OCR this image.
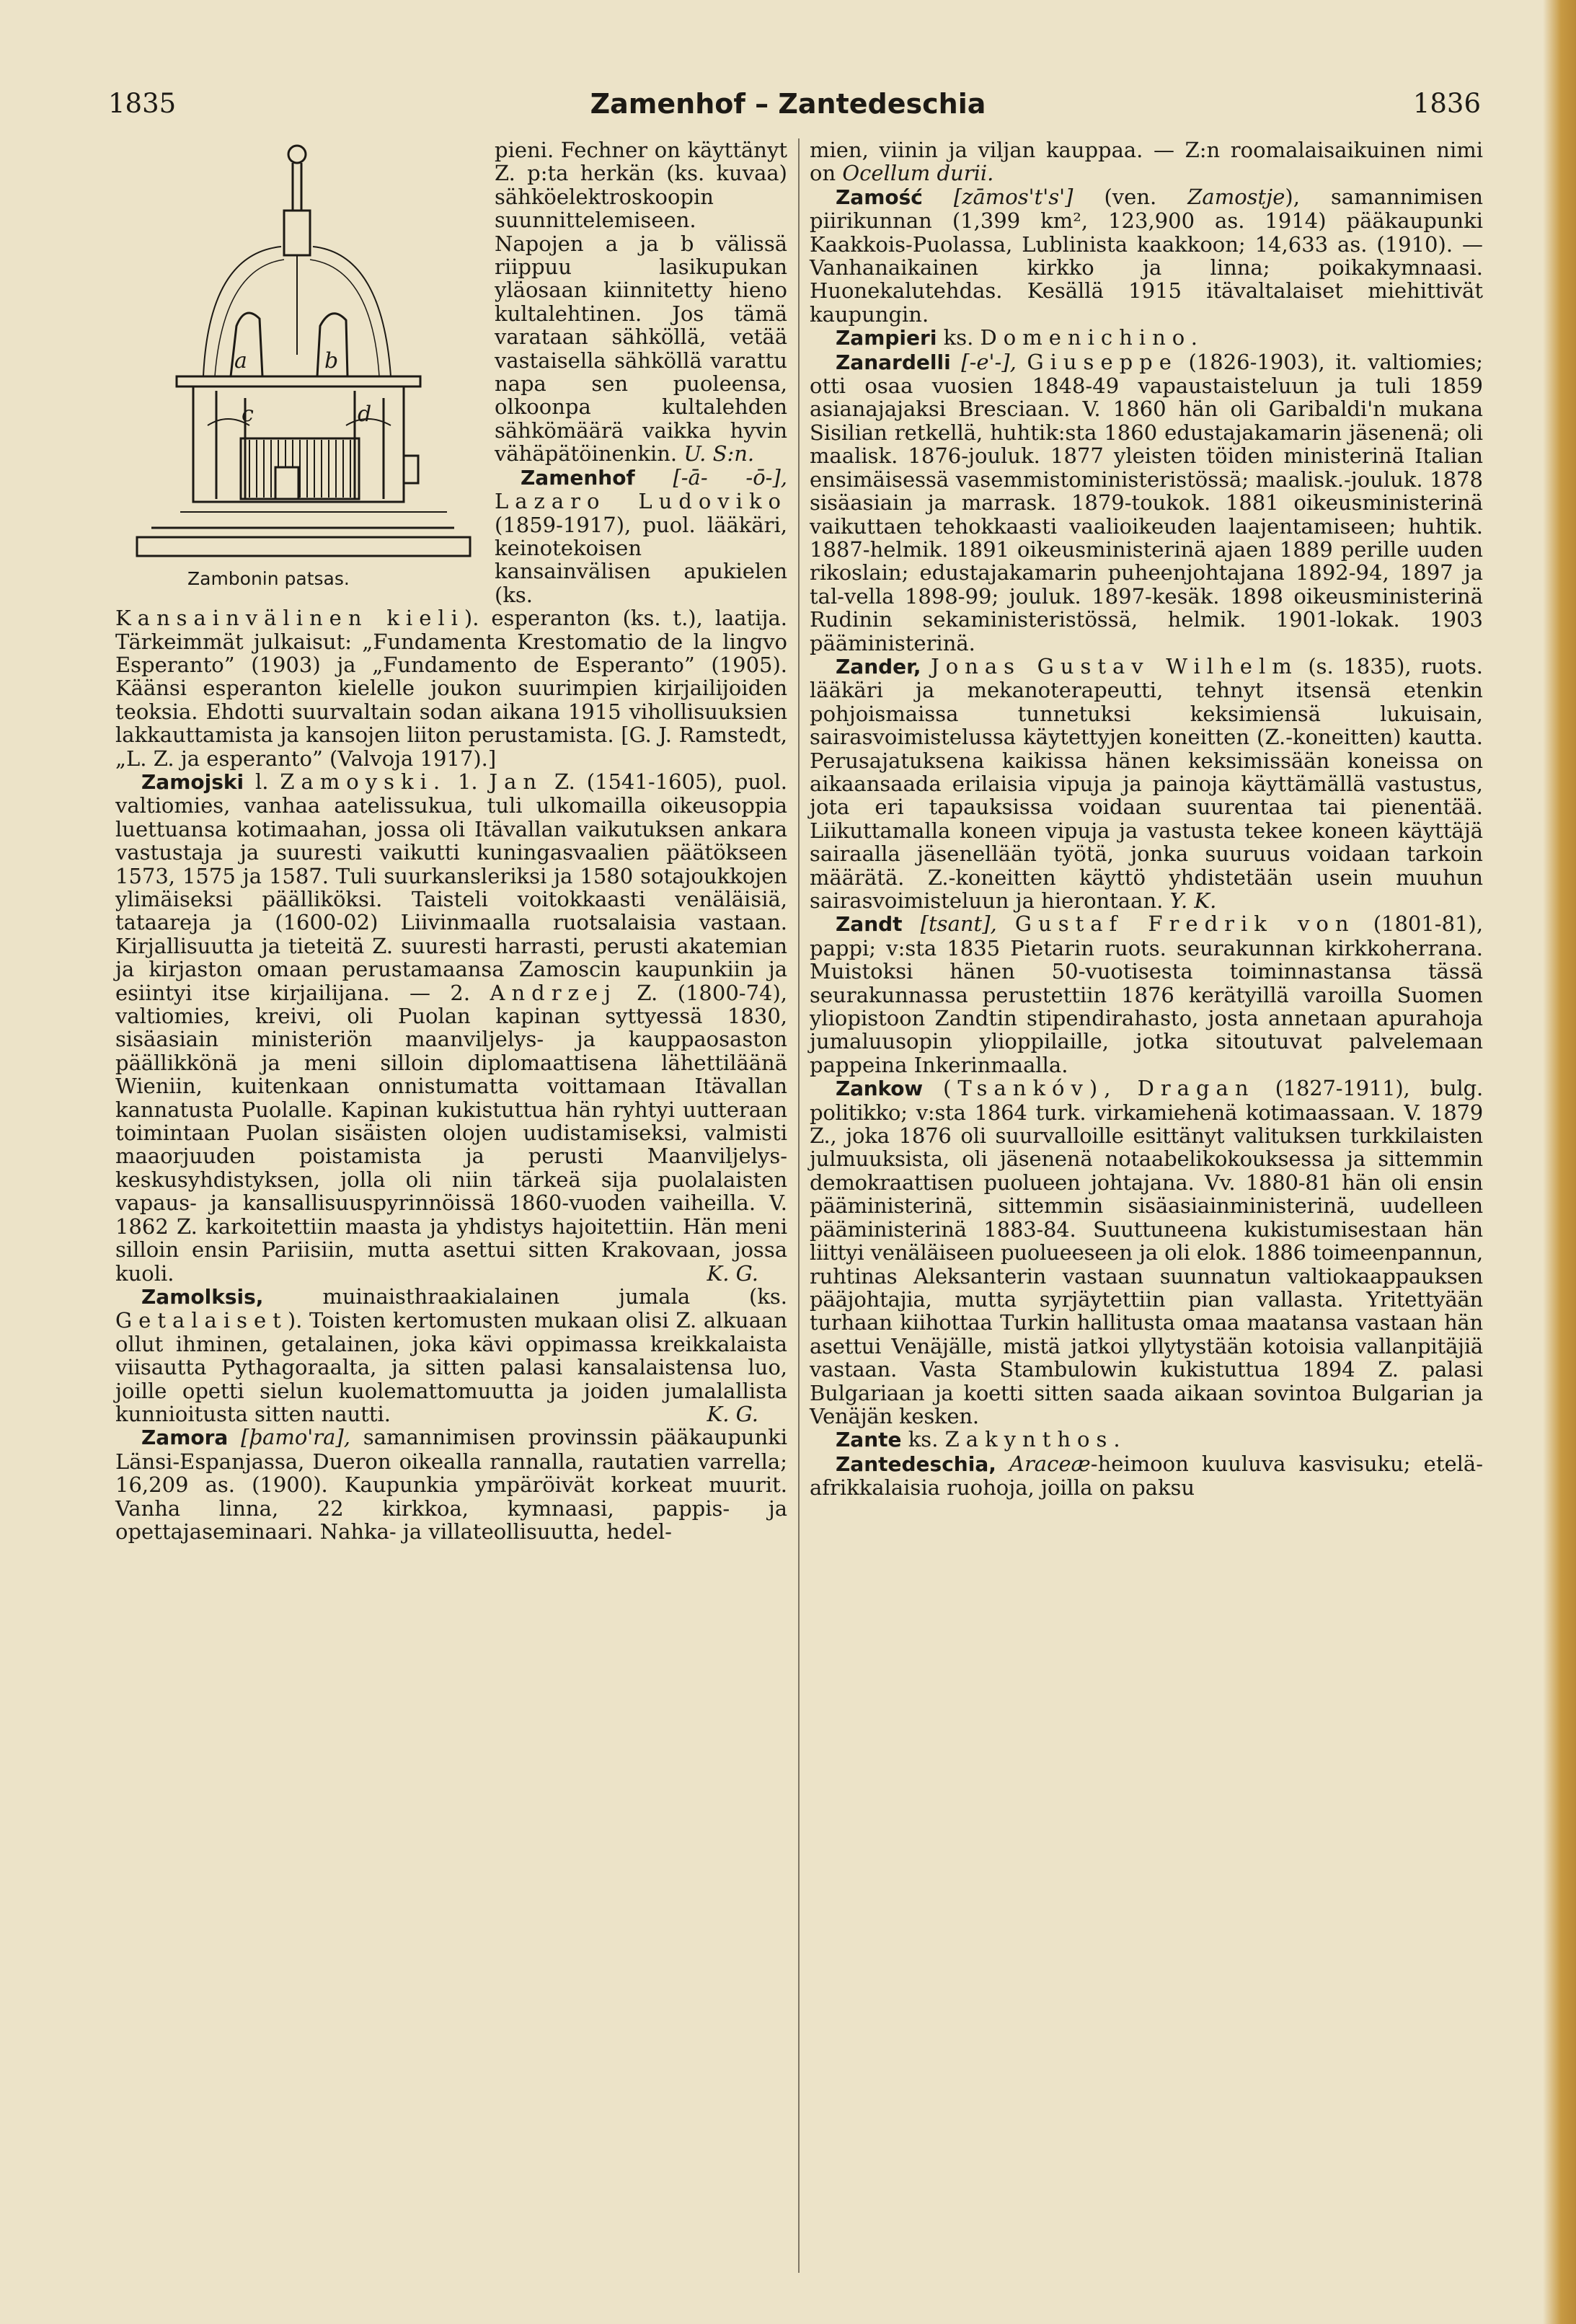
1835	Zamenhof – Zantedeschia	1836
a	b
c	d
Zambonin patsas.

pieni. Fechner on käyttänyt Z. p:ta herkän (ks. kuvaa) sähköelektroskoopin suunnittelemiseen. Napojen a ja b välissä riippuu lasikupukan yläosaan kiinnitetty hieno kultalehtinen. Jos tämä varataan sähköllä, vetää vastaisella sähköllä varattu napa sen puoleensa, olkoonpa kultalehden sähkömäärä vaikka hyvin vähäpätöinenkin. U. S:n.

Zamenhof [-ā- -ō-], Lazaro Ludoviko (1859-1917), puol. lääkäri, keinotekoisen kansainvälisen apukielen (ks. Kansainvälinen kieli). esperanton (ks. t.), laatija. Tärkeimmät julkaisut: „Fundamenta Krestomatio de la lingvo Esperanto” (1903) ja „Fundamento de Esperanto” (1905). Käänsi esperanton kielelle joukon suurimpien kirjailijoiden teoksia. Ehdotti suurvaltain sodan aikana 1915 vihollisuuksien lakkauttamista ja kansojen liiton perustamista. [G. J. Ramstedt, „L. Z. ja esperanto” (Valvoja 1917).]

Zamojski l. Zamoyski. 1. Jan Z. (1541-1605), puol. valtiomies, vanhaa aatelissukua, tuli ulkomailla oikeusoppia luettuansa kotimaahan, jossa oli Itävallan vaikutuksen ankara vastustaja ja suuresti vaikutti kuningasvaalien päätökseen 1573, 1575 ja 1587. Tuli suurkansleriksi ja 1580 sotajoukkojen ylimäiseksi päälliköksi. Taisteli voitokkaasti venäläisiä, tataareja ja (1600-02) Liivinmaalla ruotsalaisia vastaan. Kirjallisuutta ja tieteitä Z. suuresti harrasti, perusti akatemian ja kirjaston omaan perustamaansa Zamoscin kaupunkiin ja esiintyi itse kirjailijana. — 2. Andrzej Z. (1800-74), valtiomies, kreivi, oli Puolan kapinan syttyessä 1830, sisäasiain ministeriön maanviljelys- ja kauppaosaston päällikkönä ja meni silloin diplomaattisena lähettiläänä Wieniin, kuitenkaan onnistumatta voittamaan Itävallan kannatusta Puolalle. Kapinan kukistuttua hän ryhtyi uutteraan toimintaan Puolan sisäisten olojen uudistamiseksi, valmisti maaorjuuden poistamista ja perusti Maanviljelys-keskusyhdistyksen, jolla oli niin tärkeä sija puolalaisten vapaus- ja kansallisuuspyrinnöissä 1860-vuoden vaiheilla. V. 1862 Z. karkoitettiin maasta ja yhdistys hajoitettiin. Hän meni silloin ensin Pariisiin, mutta asettui sitten Krakovaan, jossa kuoli.	K. G.

Zamolksis,	muinaisthraakialainen jumala (ks. Getalaiset). Toisten kertomusten mukaan olisi Z. alkuaan ollut ihminen, getalainen, joka kävi oppimassa kreikkalaista viisautta Pythagoraalta, ja sitten palasi kansalaistensa luo, joille opetti sielun kuolemattomuutta ja joiden jumalallista kunnioitusta sitten nautti.	K. G.

Zamora [þamo'ra], samannimisen provinssin pääkaupunki Länsi-Espanjassa, Dueron oikealla rannalla, rautatien varrella; 16,209 as. (1900). Kaupunkia ympäröivät korkeat muurit. Vanha linna, 22 kirkkoa, kymnaasi, pappis- ja opettajaseminaari. Nahka- ja villateollisuutta, hedel-

mien, viinin ja viljan kauppaa. — Z:n roomalaisaikuinen nimi on Ocellum durii.

Zamość [zāmos't's'] (ven. Zamostje), samannimisen piirikunnan (1,399 km², 123,900 as. 1914) pääkaupunki Kaakkois-Puolassa, Lublinista kaakkoon; 14,633 as. (1910). — Vanhanaikainen kirkko ja linna; poikakymnaasi. Huonekalutehdas. Kesällä 1915 itävaltalaiset miehittivät kaupungin.

Zampieri ks. Domenichino.

Zanardelli [-e'-], Giuseppe (1826-1903), it. valtiomies; otti osaa vuosien 1848-49 vapaustaisteluun ja tuli 1859 asianajajaksi Bresciaan. V. 1860 hän oli Garibaldi'n mukana Sisilian retkellä, huhtik:sta 1860 edustajakamarin jäsenenä; oli maalisk. 1876-jouluk. 1877 yleisten töiden ministerinä Italian ensimäisessä vasemmistoministeristössä; maalisk.-jouluk. 1878 sisäasiain ja marrask. 1879-toukok. 1881 oikeusministerinä vaikuttaen tehokkaasti vaalioikeuden laajentamiseen; huhtik. 1887-helmik. 1891 oikeusministerinä ajaen 1889 perille uuden rikoslain; edustajakamarin puheenjohtajana 1892-94, 1897 ja tal-vella 1898-99; jouluk. 1897-kesäk. 1898 oikeusministerinä Rudinin sekaministeristössä, helmik. 1901-lokak. 1903 pääministerinä.

Zander, Jonas Gustav Wilhelm (s. 1835), ruots. lääkäri ja mekanoterapeutti, tehnyt itsensä etenkin pohjoismaissa tunnetuksi keksimiensä lukuisain, sairasvoimistelussa käytettyjen koneitten (Z.-koneitten) kautta. Perusajatuksena kaikissa hänen keksimissään koneissa on aikaansaada erilaisia vipuja ja painoja käyttämällä vastustus, jota eri tapauksissa voidaan suurentaa tai pienentää. Liikuttamalla koneen vipuja ja vastusta tekee koneen käyttäjä sairaalla jäsenellään työtä, jonka suuruus voidaan tarkoin määrätä. Z.-koneitten käyttö yhdistetään usein muuhun sairasvoimisteluun ja hierontaan. Y. K.

Zandt [tsant], Gustaf Fredrik von (1801-81), pappi; v:sta 1835 Pietarin ruots. seurakunnan kirkkoherrana. Muistoksi hänen 50-vuotisesta toiminnastansa tässä seurakunnassa perustettiin 1876 kerätyillä varoilla Suomen yliopistoon Zandtin stipendirahasto, josta annetaan apurahoja jumaluusopin ylioppilaille, jotka sitoutuvat palvelemaan pappeina Inkerinmaalla.

Zankow (Tsankóv), Dragan (1827-1911), bulg. politikko; v:sta 1864 turk. virkamiehenä kotimaassaan. V. 1879 Z., joka 1876 oli suurvalloille esittänyt valituksen turkkilaisten julmuuksista, oli jäsenenä notaabelikokouksessa ja sittemmin demokraattisen puolueen johtajana. Vv. 1880-81 hän oli ensin pääministerinä, sittemmin sisäasiainministerinä, uudelleen pääministerinä 1883-84. Suuttuneena kukistumisestaan hän liittyi venäläiseen puolueeseen ja oli elok. 1886 toimeenpannun, ruhtinas Aleksanterin vastaan suunnatun valtiokaappauksen pääjohtajia, mutta syrjäytettiin pian vallasta. Yritettyään turhaan kiihottaa Turkin hallitusta omaa maatansa vastaan hän asettui Venäjälle, mistä jatkoi yllytystään kotoisia vallanpitäjiä vastaan. Vasta Stambulowin kukistuttua 1894 Z. palasi Bulgariaan ja koetti sitten saada aikaan sovintoa Bulgarian ja Venäjän kesken.

Zante ks. Zakynthos.

Zantedeschia, Araceæ-heimoon kuuluva kasvisuku; etelä-afrikkalaisia ruohoja, joilla on paksu
